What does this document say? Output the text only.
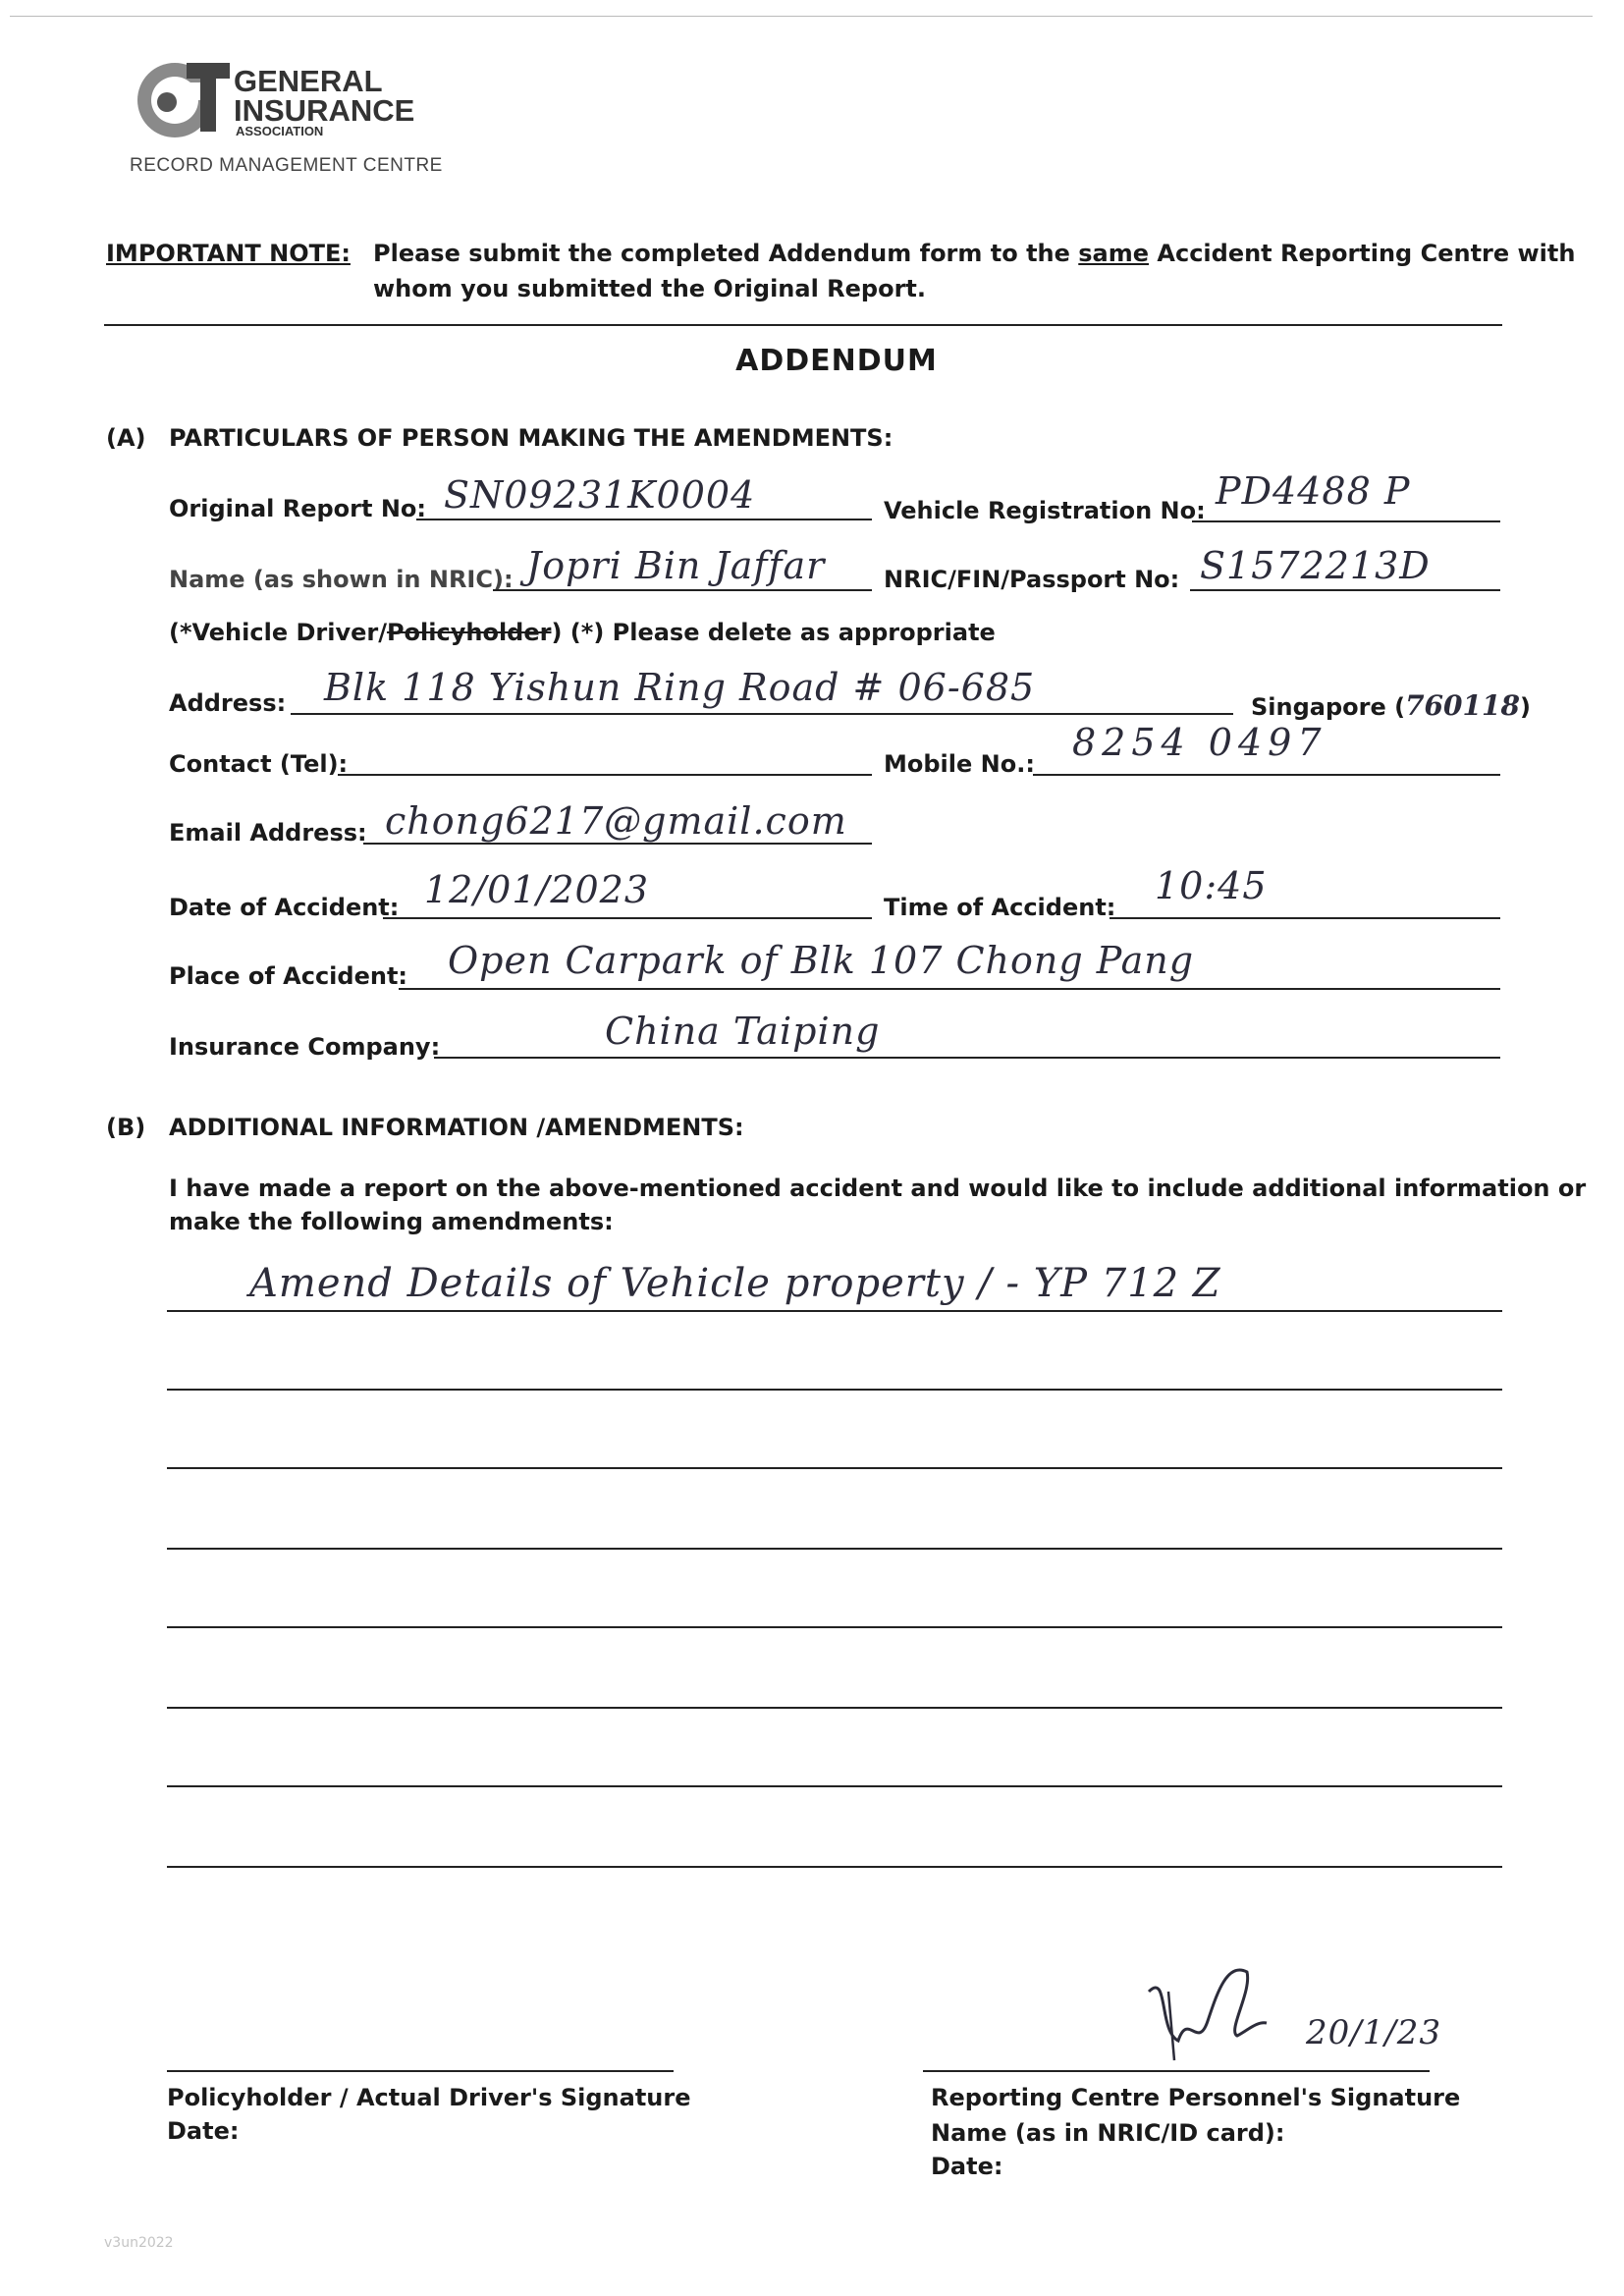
GENERAL
INSURANCE
ASSOCIATION
RECORD MANAGEMENT CENTRE
IMPORTANT NOTE: Please submit the completed Addendum form to the same Accident Reporting Centre with
whom you submitted the Original Report.
ADDENDUM
(A) PARTICULARS OF PERSON MAKING THE AMENDMENTS:
Original Report No: SN09231K0004	Vehicle Registration No: PD4488 P
Name (as shown in NRIC): Jopri Bin Jaffar NRIC/FIN/Passport No: S1572213D
(*Vehicle Driver/Policyholder) (*) Please delete as appropriate
Address: Blk 118 Yishun Ring Road # 06-685	Singapore (760118)
Contact (Tel):	Mobile No.: 8254 0497
Email Address: chong6217@gmail.com
Date of Accident: 12/01/2023	Time of Accident: 10:45
Place of Accident: Open Carpark of Blk 107 Chong Pang
Insurance Company:	China Taiping
(B) ADDITIONAL INFORMATION /AMENDMENTS:
I have made a report on the above-mentioned accident and would like to include additional information or
make the following amendments:
Amend Details of Vehicle property / - YP 712 Z
20/1/23
Policyholder / Actual Driver's Signature
Date:
Reporting Centre Personnel's Signature
Name (as in NRIC/ID card):
Date:
v3un2022
